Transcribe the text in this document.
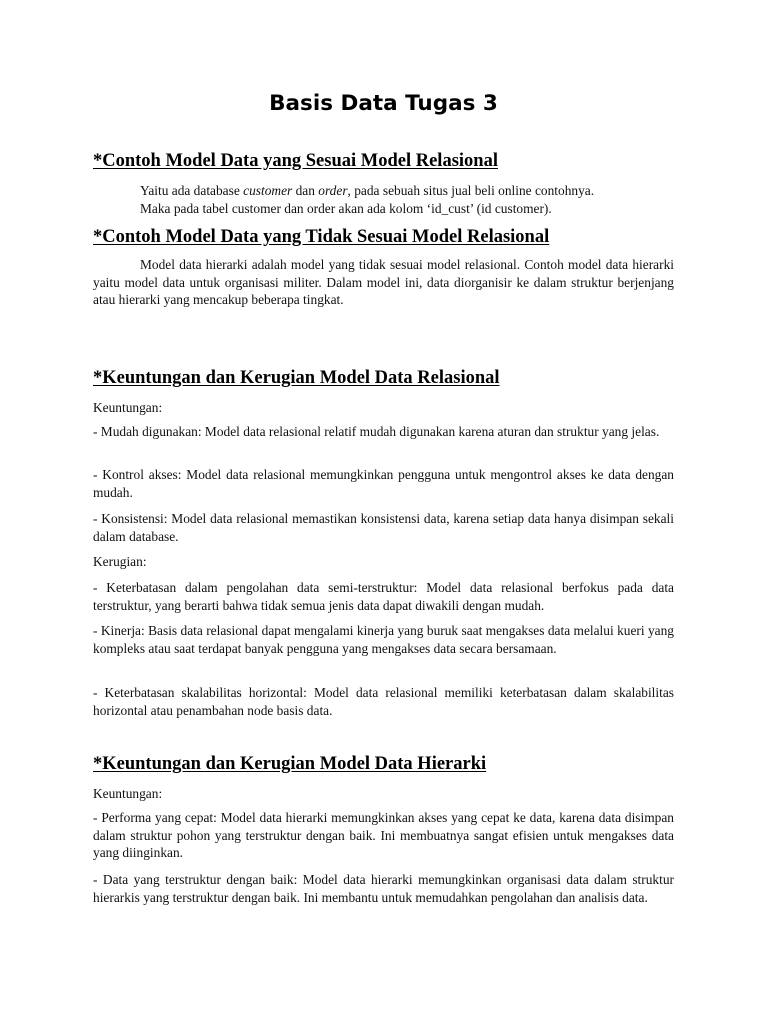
Basis Data Tugas 3
*Contoh Model Data yang Sesuai Model Relasional

Yaitu ada database customer dan order, pada sebuah situs jual beli online contohnya.
Maka pada tabel customer dan order akan ada kolom ‘id_cust’ (id customer).

*Contoh Model Data yang Tidak Sesuai Model Relasional

Model data hierarki adalah model yang tidak sesuai model relasional. Contoh model data hierarki yaitu model data untuk organisasi militer. Dalam model ini, data diorganisir ke dalam struktur berjenjang atau hierarki yang mencakup beberapa tingkat.

*Keuntungan dan Kerugian Model Data Relasional

Keuntungan:

- Mudah digunakan: Model data relasional relatif mudah digunakan karena aturan dan struktur yang jelas.

- Kontrol akses: Model data relasional memungkinkan pengguna untuk mengontrol akses ke data dengan mudah.

- Konsistensi: Model data relasional memastikan konsistensi data, karena setiap data hanya disimpan sekali dalam database.

Kerugian:

- Keterbatasan dalam pengolahan data semi-terstruktur: Model data relasional berfokus pada data terstruktur, yang berarti bahwa tidak semua jenis data dapat diwakili dengan mudah.

- Kinerja: Basis data relasional dapat mengalami kinerja yang buruk saat mengakses data melalui kueri yang kompleks atau saat terdapat banyak pengguna yang mengakses data secara bersamaan.

- Keterbatasan skalabilitas horizontal: Model data relasional memiliki keterbatasan dalam skalabilitas horizontal atau penambahan node basis data.

*Keuntungan dan Kerugian Model Data Hierarki

Keuntungan:

- Performa yang cepat: Model data hierarki memungkinkan akses yang cepat ke data, karena data disimpan dalam struktur pohon yang terstruktur dengan baik. Ini membuatnya sangat efisien untuk mengakses data yang diinginkan.

- Data yang terstruktur dengan baik: Model data hierarki memungkinkan organisasi data dalam struktur hierarkis yang terstruktur dengan baik. Ini membantu untuk memudahkan pengolahan dan analisis data.
